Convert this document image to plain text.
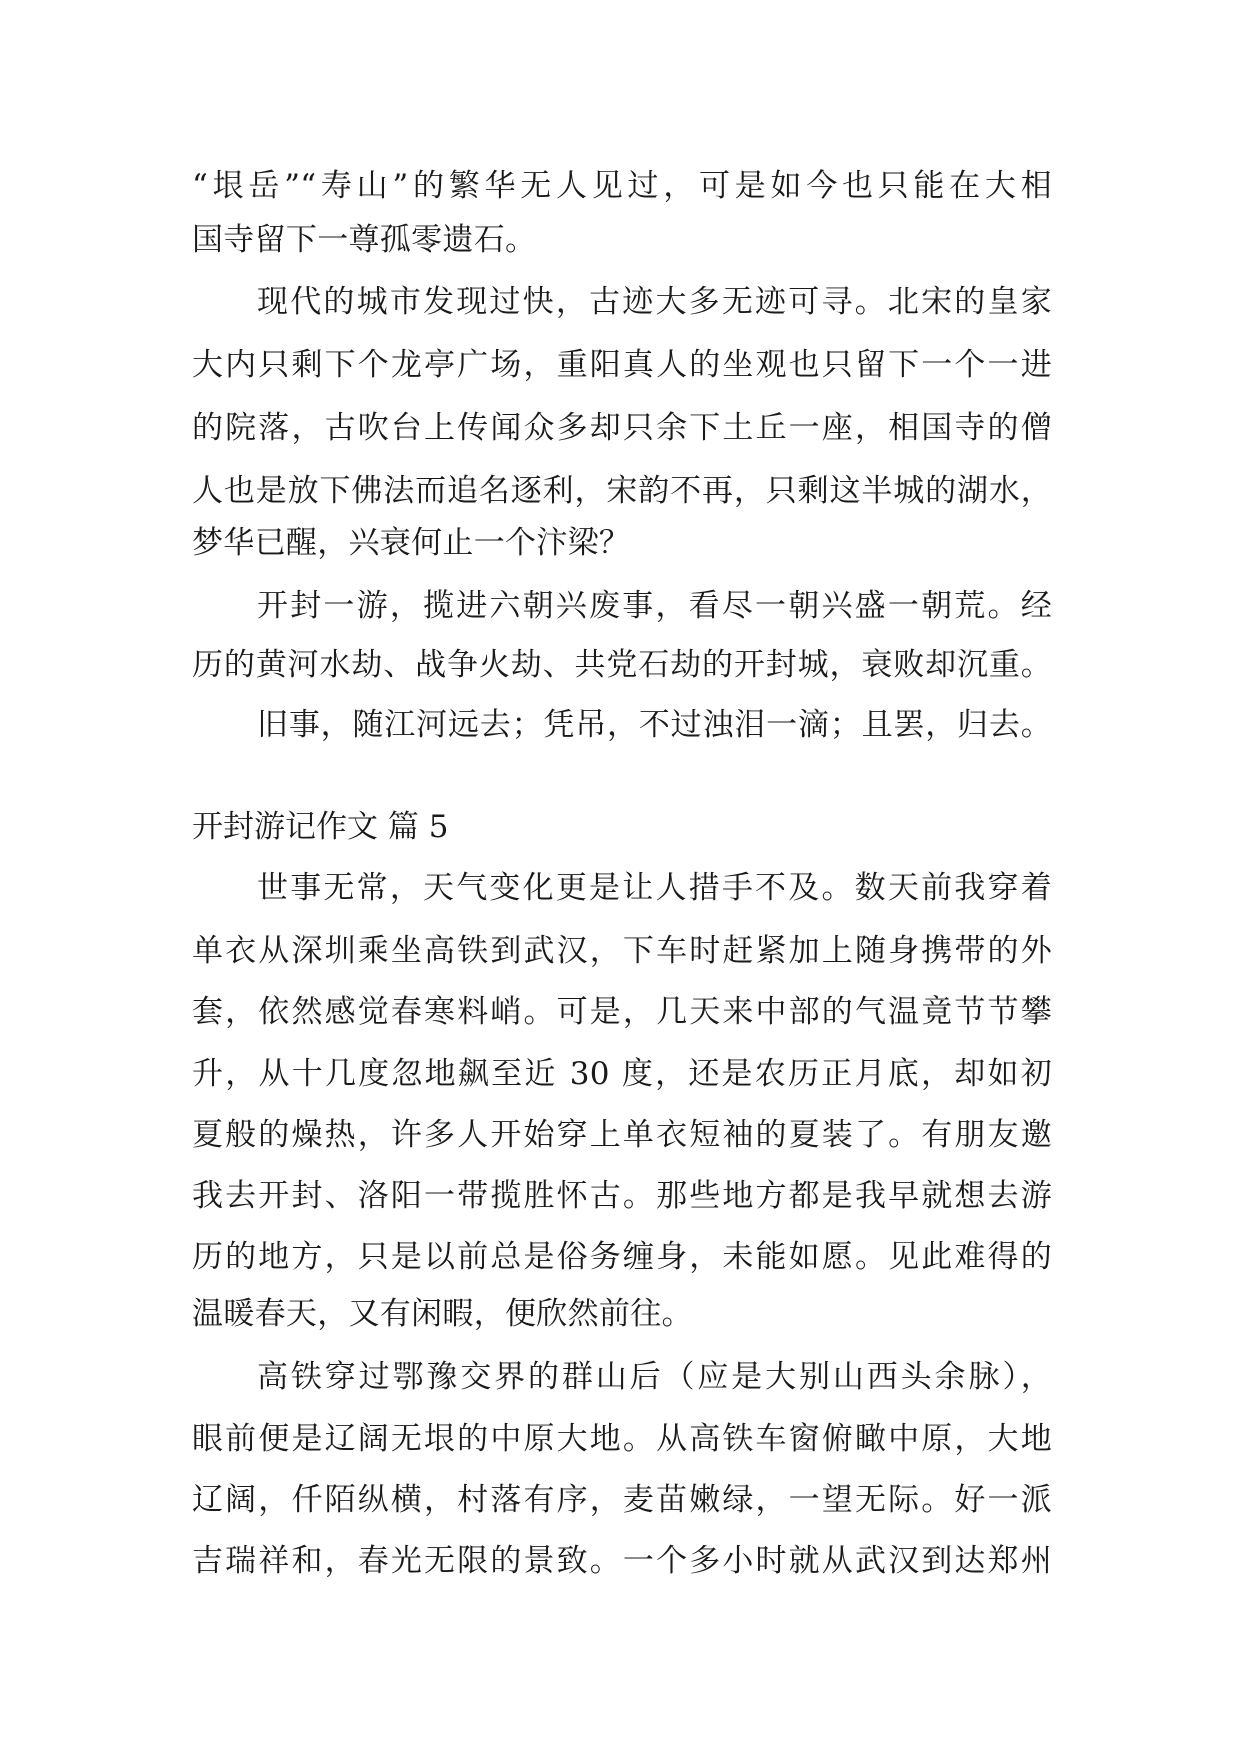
“垠岳”“寿山”的繁华无人见过，可是如今也只能在大相
国寺留下一尊孤零遗石。
现代的城市发现过快，古迹大多无迹可寻。北宋的皇家
大内只剩下个龙亭广场，重阳真人的坐观也只留下一个一进
的院落，古吹台上传闻众多却只余下土丘一座，相国寺的僧
人也是放下佛法而追名逐利，宋韵不再，只剩这半城的湖水，
梦华已醒，兴衰何止一个汴梁？
开封一游，揽进六朝兴废事，看尽一朝兴盛一朝荒。经
历的黄河水劫、战争火劫、共党石劫的开封城，衰败却沉重。
旧事，随江河远去；凭吊，不过浊泪一滴；且罢，归去。
开封游记作文 篇 5
世事无常，天气变化更是让人措手不及。数天前我穿着
单衣从深圳乘坐高铁到武汉，下车时赶紧加上随身携带的外
套，依然感觉春寒料峭。可是，几天来中部的气温竟节节攀
升，从十几度忽地飙至近 30 度，还是农历正月底，却如初
夏般的燥热，许多人开始穿上单衣短袖的夏装了。有朋友邀
我去开封、洛阳一带揽胜怀古。那些地方都是我早就想去游
历的地方，只是以前总是俗务缠身，未能如愿。见此难得的
温暖春天，又有闲暇，便欣然前往。
高铁穿过鄂豫交界的群山后（应是大别山西头余脉），
眼前便是辽阔无垠的中原大地。从高铁车窗俯瞰中原，大地
辽阔，仟陌纵横，村落有序，麦苗嫩绿，一望无际。好一派
吉瑞祥和，春光无限的景致。一个多小时就从武汉到达郑州
